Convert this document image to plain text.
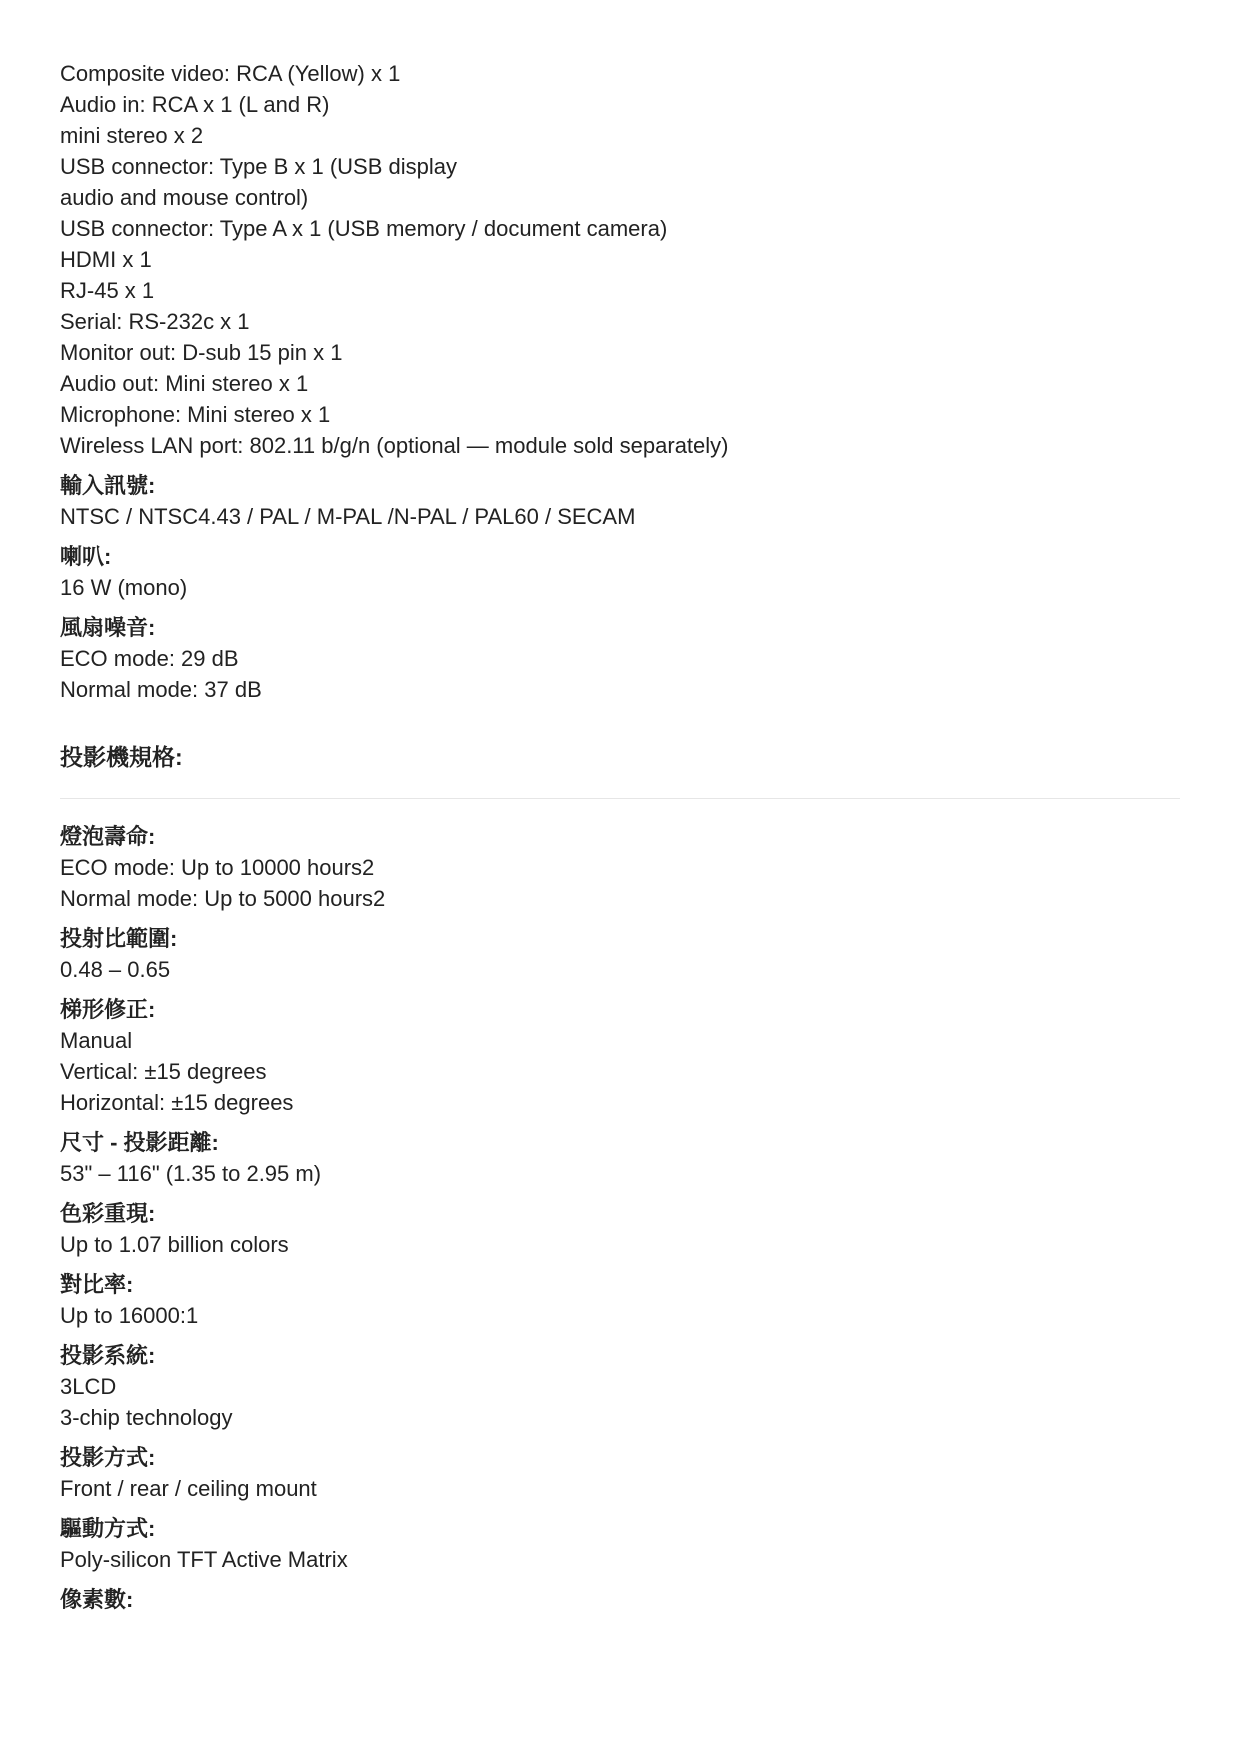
Composite video: RCA (Yellow) x 1
Audio in: RCA x 1 (L and R)
mini stereo x 2
USB connector: Type B x 1 (USB display
audio and mouse control)
USB connector: Type A x 1 (USB memory / document camera)
HDMI x 1
RJ-45 x 1
Serial: RS-232c x 1
Monitor out: D-sub 15 pin x 1
Audio out: Mini stereo x 1
Microphone: Mini stereo x 1
Wireless LAN port: 802.11 b/g/n (optional — module sold separately)
輸入訊號:
NTSC / NTSC4.43 / PAL / M-PAL /N-PAL / PAL60 / SECAM
喇叭:
16 W (mono)
風扇噪音:
ECO mode: 29 dB
Normal mode: 37 dB
投影機規格:
燈泡壽命:
ECO mode: Up to 10000 hours2
Normal mode: Up to 5000 hours2
投射比範圍:
0.48 – 0.65
梯形修正:
Manual
Vertical: ±15 degrees
Horizontal: ±15 degrees
尺寸 - 投影距離:
53" – 116" (1.35 to 2.95 m)
色彩重現:
Up to 1.07 billion colors
對比率:
Up to 16000:1
投影系統:
3LCD
3-chip technology
投影方式:
Front / rear / ceiling mount
驅動方式:
Poly-silicon TFT Active Matrix
像素數:
